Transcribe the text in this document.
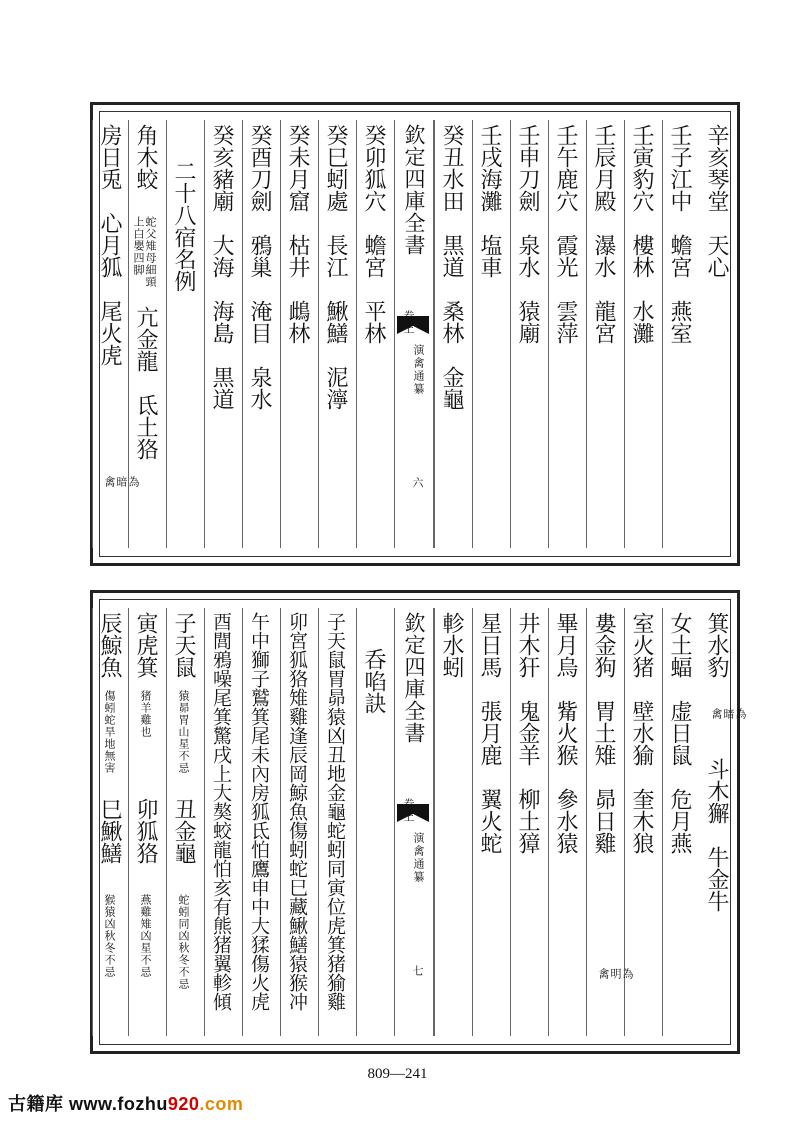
辛亥琴堂　天心
壬子江中　蟾宮　燕室
壬寅豹穴　樓林　水灘
壬辰月殿　瀑水　龍宮
壬午鹿穴　霞光　雲萍
壬申刀劍　泉水　猿廟
壬戌海灘　塩車
癸丑水田　黒道　桑林　金龜
欽定四庫全書
演禽通纂
卷上
六
癸卯狐穴　蟾宮　平林
癸巳蚓處　長江　鰍鱔　泥濘
癸未月窟　枯井　䳄林
癸酉刀劍　鴉巢　淹目　泉水
癸亥豬廟　大海　海島　黒道
二十八宿名例
角木蛟
蛇父雉母細頸
上白嬰四脚
亢金龍　氐土狢
房日兎　心月狐　尾火虎
為
暗
禽
箕水豹
為
暗
禽
斗木獬　牛金牛
女土蝠　虚日鼠　危月燕
室火猪　壁水㺄　奎木狼
婁金狗　胃土雉　昴日雞
為
明
禽
畢月烏　觜火猴　參水猿
井木犴　鬼金羊　柳土獐
星日馬　張月鹿　翼火蛇
軫水蚓
欽定四庫全書
演禽通纂
卷上
七
呑啗訣
子天鼠胃昴猿凶丑地金龜蛇蚓同寅位虎箕猪㺄雞
卯宮狐狢雉雞逢辰岡鯨魚傷蚓蛇巳藏鰍鱔猿猴冲
午中獅子鷲箕尾未內房狐氐怕鷹申中大猱傷火虎
酉閭鴉噪尾箕驚戌上大獒蛟龍怕亥有熊猪翼軫傾
子天鼠
猿昴胃山星不忌
丑金龜
蛇蚓同凶秋冬不忌
寅虎箕
猪羊雞也
卯狐狢
燕雞雉凶星不忌
辰鯨魚
傷蚓蛇旱地無害
巳鰍鱔
猴猿凶秋冬不忌
809—241
古籍库 www.fozhu920.com
